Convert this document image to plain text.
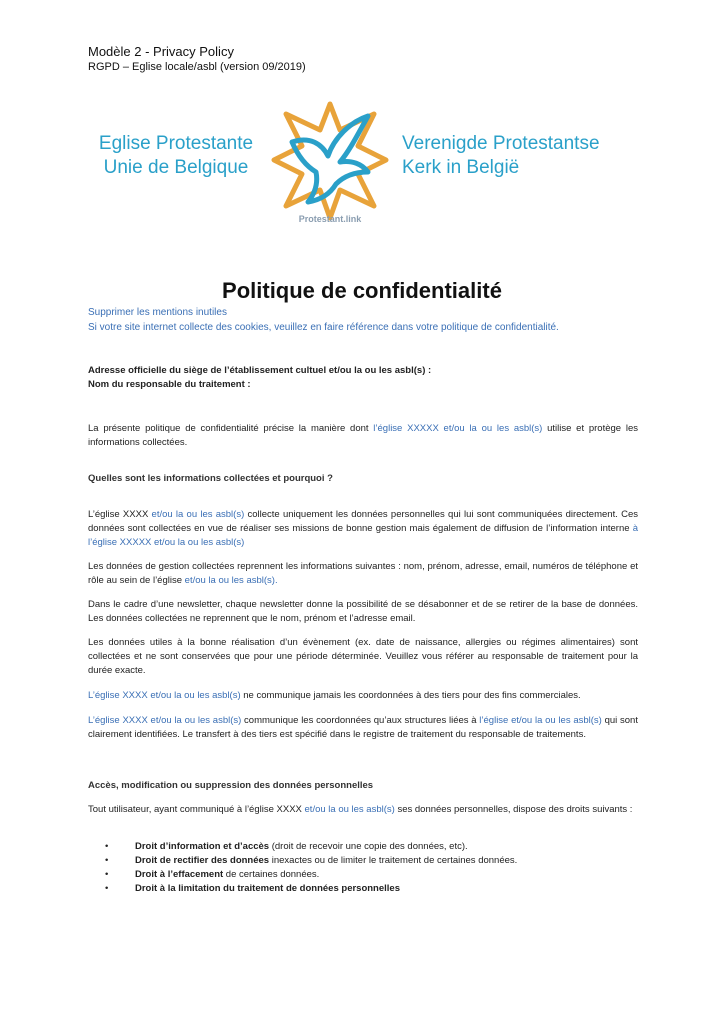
Modèle 2 - Privacy Policy
RGPD – Eglise locale/asbl (version 09/2019)
Eglise Protestante
Unie de Belgique
Protestant.link
Verenigde Protestantse
Kerk in België
Politique de confidentialité
Supprimer les mentions inutiles
Si votre site internet collecte des cookies, veuillez en faire référence dans votre politique de confidentialité.
Adresse officielle du siège de l’établissement cultuel et/ou la ou les asbl(s) :
Nom du responsable du traitement :
La présente politique de confidentialité précise la manière dont l’église XXXXX et/ou la ou les asbl(s) utilise et protège les informations collectées.
Quelles sont les informations collectées et pourquoi ?
L’église XXXX et/ou la ou les asbl(s) collecte uniquement les données personnelles qui lui sont communiquées directement. Ces données sont collectées en vue de réaliser ses missions de bonne gestion mais également de diffusion de l’information interne à l’église XXXXX et/ou la ou les asbl(s)
Les données de gestion collectées reprennent les informations suivantes : nom, prénom, adresse, email, numéros de téléphone et rôle au sein de l’église et/ou la ou les asbl(s).
Dans le cadre d’une newsletter, chaque newsletter donne la possibilité de se désabonner et de se retirer de la base de données. Les données collectées ne reprennent que le nom, prénom et l’adresse email.
Les données utiles à la bonne réalisation d’un évènement (ex. date de naissance, allergies ou régimes alimentaires) sont collectées et ne sont conservées que pour une période déterminée. Veuillez vous référer au responsable de traitement pour la durée exacte.
L’église XXXX et/ou la ou les asbl(s) ne communique jamais les coordonnées à des tiers pour des fins commerciales.
L’église XXXX et/ou la ou les asbl(s) communique les coordonnées qu’aux structures liées à l’église et/ou la ou les asbl(s) qui sont clairement identifiées. Le transfert à des tiers est spécifié dans le registre de traitement du responsable de traitements.
Accès, modification ou suppression des données personnelles
Tout utilisateur, ayant communiqué à l’église XXXX et/ou la ou les asbl(s) ses données personnelles, dispose des droits suivants :
• Droit d’information et d’accès (droit de recevoir une copie des données, etc).
• Droit de rectifier des données inexactes ou de limiter le traitement de certaines données.
• Droit à l’effacement de certaines données.
• Droit à la limitation du traitement de données personnelles
